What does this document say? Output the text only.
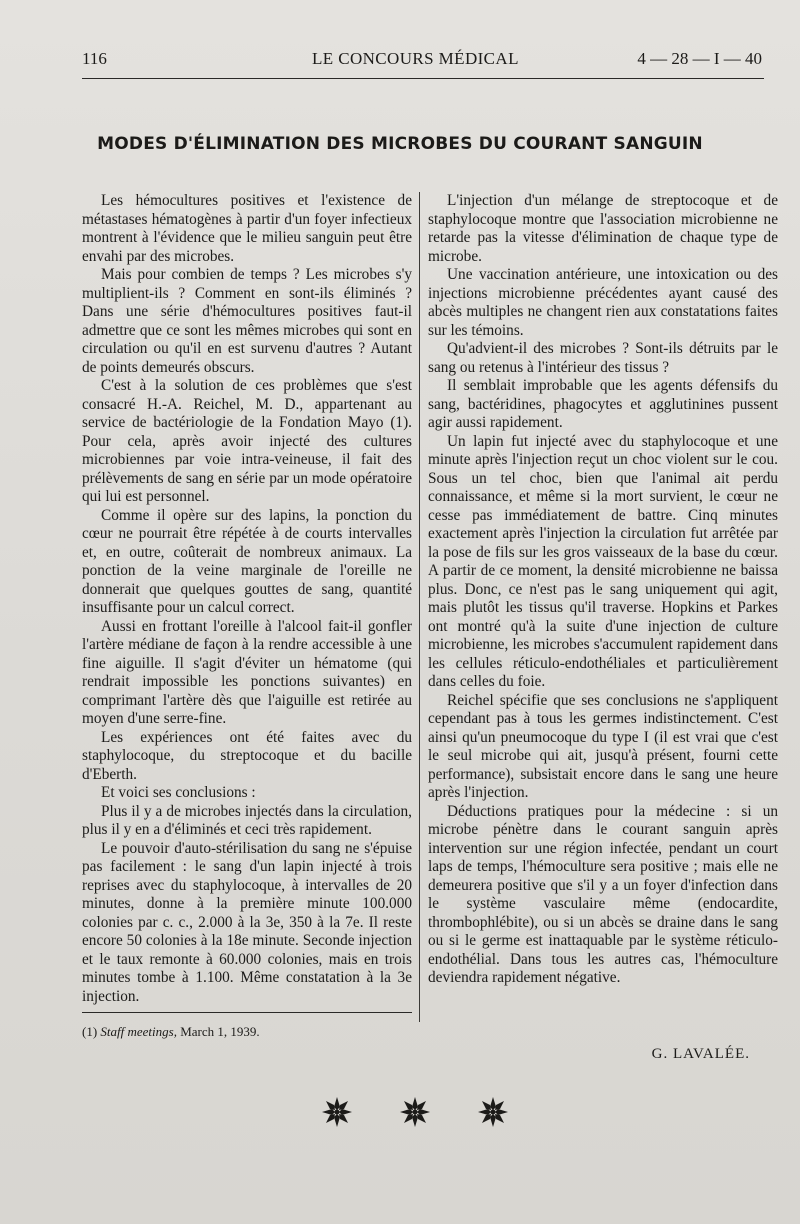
116	LE CONCOURS MÉDICAL	4 — 28 — I — 40
MODES D'ÉLIMINATION DES MICROBES DU COURANT SANGUIN

Les hémocultures positives et l'existence de métastases hématogènes à partir d'un foyer infectieux montrent à l'évidence que le milieu sanguin peut être envahi par des microbes.

Mais pour combien de temps ? Les microbes s'y multiplient-ils ? Comment en sont-ils éliminés ? Dans une série d'hémocultures positives faut-il admettre que ce sont les mêmes microbes qui sont en circulation ou qu'il en est survenu d'autres ? Autant de points demeurés obscurs.

C'est à la solution de ces problèmes que s'est consacré H.-A. Reichel, M. D., appartenant au service de bactériologie de la Fondation Mayo (1). Pour cela, après avoir injecté des cultures microbiennes par voie intra-veineuse, il fait des prélèvements de sang en série par un mode opératoire qui lui est personnel.

Comme il opère sur des lapins, la ponction du cœur ne pourrait être répétée à de courts intervalles et, en outre, coûterait de nombreux animaux. La ponction de la veine marginale de l'oreille ne donnerait que quelques gouttes de sang, quantité insuffisante pour un calcul correct.

Aussi en frottant l'oreille à l'alcool fait-il gonfler l'artère médiane de façon à la rendre accessible à une fine aiguille. Il s'agit d'éviter un hématome (qui rendrait impossible les ponctions suivantes) en comprimant l'artère dès que l'aiguille est retirée au moyen d'une serre-fine.

Les expériences ont été faites avec du staphylocoque, du streptocoque et du bacille d'Eberth.

Et voici ses conclusions :

Plus il y a de microbes injectés dans la circulation, plus il y en a d'éliminés et ceci très rapidement.

Le pouvoir d'auto-stérilisation du sang ne s'épuise pas facilement : le sang d'un lapin injecté à trois reprises avec du staphylocoque, à intervalles de 20 minutes, donne à la première minute 100.000 colonies par c. c., 2.000 à la 3e, 350 à la 7e. Il reste encore 50 colonies à la 18e minute. Seconde injection et le taux remonte à 60.000 colonies, mais en trois minutes tombe à 1.100. Même constatation à la 3e injection.

L'injection d'un mélange de streptocoque et de staphylocoque montre que l'association microbienne ne retarde pas la vitesse d'élimination de chaque type de microbe.

Une vaccination antérieure, une intoxication ou des injections microbienne précédentes ayant causé des abcès multiples ne changent rien aux constatations faites sur les témoins.

Qu'advient-il des microbes ? Sont-ils détruits par le sang ou retenus à l'intérieur des tissus ?

Il semblait improbable que les agents défensifs du sang, bactéridines, phagocytes et agglutinines pussent agir aussi rapidement.

Un lapin fut injecté avec du staphylocoque et une minute après l'injection reçut un choc violent sur le cou. Sous un tel choc, bien que l'animal ait perdu connaissance, et même si la mort survient, le cœur ne cesse pas immédiatement de battre. Cinq minutes exactement après l'injection la circulation fut arrêtée par la pose de fils sur les gros vaisseaux de la base du cœur. A partir de ce moment, la densité microbienne ne baissa plus. Donc, ce n'est pas le sang uniquement qui agit, mais plutôt les tissus qu'il traverse. Hopkins et Parkes ont montré qu'à la suite d'une injection de culture microbienne, les microbes s'accumulent rapidement dans les cellules réticulo-endothéliales et particulièrement dans celles du foie.

Reichel spécifie que ses conclusions ne s'appliquent cependant pas à tous les germes indistinctement. C'est ainsi qu'un pneumocoque du type I (il est vrai que c'est le seul microbe qui ait, jusqu'à présent, fourni cette performance), subsistait encore dans le sang une heure après l'injection.

Déductions pratiques pour la médecine : si un microbe pénètre dans le courant sanguin après intervention sur une région infectée, pendant un court laps de temps, l'hémoculture sera positive ; mais elle ne demeurera positive que s'il y a un foyer d'infection dans le système vasculaire même (endocardite, thrombophlébite), ou si un abcès se draine dans le sang ou si le germe est inattaquable par le système réticulo-endothélial. Dans tous les autres cas, l'hémoculture deviendra rapidement négative.

(1) Staff meetings, March 1, 1939.
G. LAVALÉE.
